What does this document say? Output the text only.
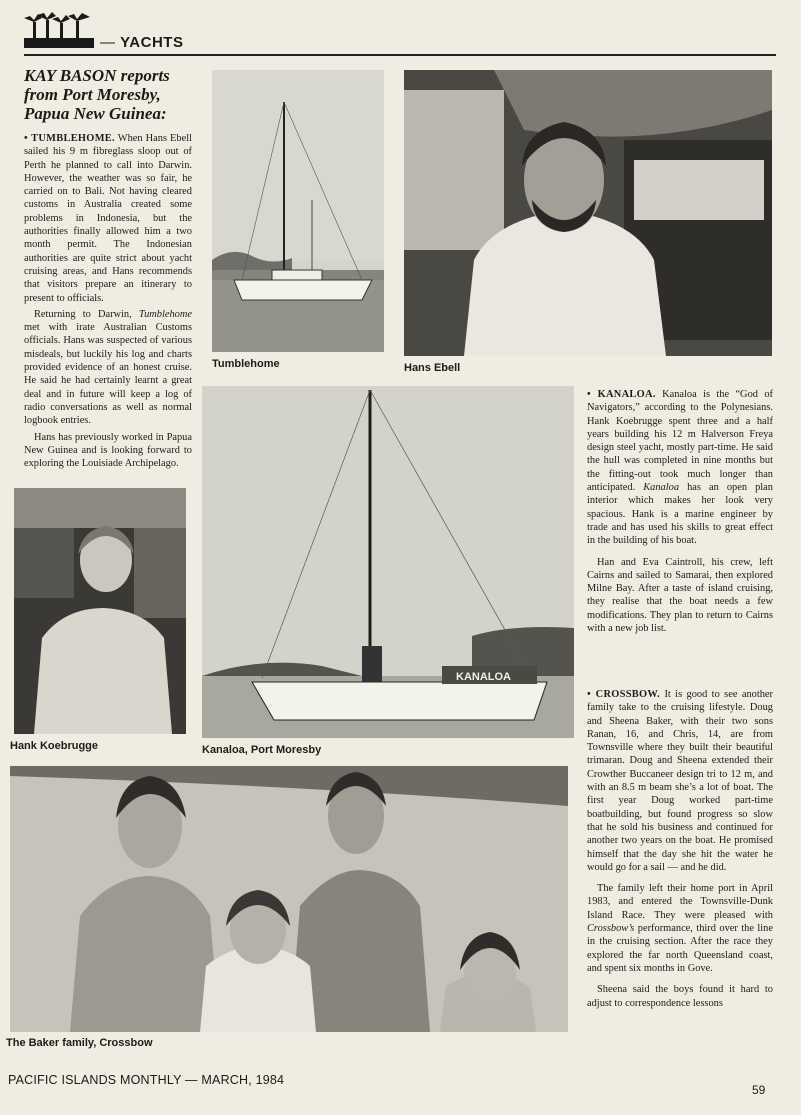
— YACHTS
KAY BASON reports from Port Moresby, Papua New Guinea:

• TUMBLEHOME. When Hans Ebell sailed his 9 m fibreglass sloop out of Perth he planned to call into Darwin. However, the weather was so fair, he carried on to Bali. Not having cleared customs in Australia created some problems in Indonesia, but the authorities finally allowed him a two month permit. The Indonesian authorities are quite strict about yacht cruising areas, and Hans recommends that visitors prepare an itinerary to present to officials.

Returning to Darwin, Tumblehome met with irate Australian Customs officials. Hans was suspected of various misdeals, but luckily his log and charts provided evidence of an honest cruise. He said he had certainly learnt a great deal and in future will keep a log of radio conversations as well as normal logbook entries.

Hans has previously worked in Papua New Guinea and is looking forward to exploring the Louisiade Archipelago.

Tumblehome	Hans Ebell
Hank Koebrugge
KANALOA
Kanaloa, Port Moresby

• KANALOA. Kanaloa is the “God of Navigators,” according to the Polynesians. Hank Koebrugge spent three and a half years building his 12 m Halverson Freya design steel yacht, mostly part-time. He said the hull was completed in nine months but the fitting-out took much longer than anticipated. Kanaloa has an open plan interior which makes her look very spacious. Hank is a marine engineer by trade and has used his skills to great effect in the building of his boat.

Han and Eva Caintroll, his crew, left Cairns and sailed to Samarai, then explored Milne Bay. After a taste of island cruising, they realise that the boat needs a few modifications. They plan to return to Cairns with a new job list.

• CROSSBOW. It is good to see another family take to the cruising lifestyle. Doug and Sheena Baker, with their two sons Ranan, 16, and Chris, 14, are from Townsville where they built their beautiful trimaran. Doug and Sheena extended their Crowther Buccaneer design tri to 12 m, and with an 8.5 m beam she’s a lot of boat. The first year Doug worked part-time boatbuilding, but found progress so slow that he sold his business and continued for another two years on the boat. He promised himself that the day she hit the water he would go for a sail — and he did.

The family left their home port in April 1983, and entered the Townsville-Dunk Island Race. They were pleased with Crossbow’s performance, third over the line in the cruising section. After the race they explored the far north Queensland coast, and spent six months in Gove.

Sheena said the boys found it hard to adjust to correspondence lessons

The Baker family, Crossbow
PACIFIC ISLANDS MONTHLY — MARCH, 1984
59
